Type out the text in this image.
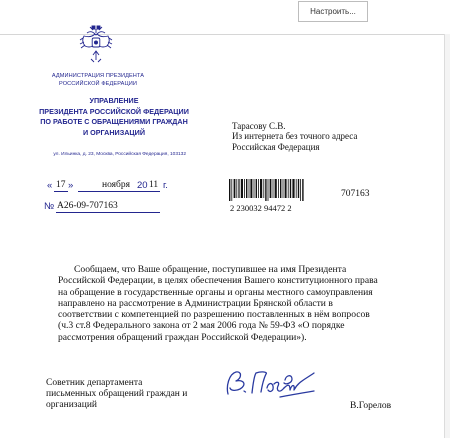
Настроить...
АДМИНИСТРАЦИЯ ПРЕЗИДЕНТА
РОССИЙСКОЙ ФЕДЕРАЦИИ
УПРАВЛЕНИЕ
ПРЕЗИДЕНТА РОССИЙСКОЙ ФЕДЕРАЦИИ
ПО РАБОТЕ С ОБРАЩЕНИЯМИ ГРАЖДАН
И ОРГАНИЗАЦИЙ
ул. Ильинка, д. 23, Москва, Российская Федерация, 103132
Тарасову С.В.
Из интернета без точного адреса
Российская Федерация
« 17 »	ноября 20 11 г.
№ А26-09-707163	2 230032 94472 2
707163
Сообщаем, что Ваше обращение, поступившее на имя Президента
Российской Федерации, в целях обеспечения Вашего конституционного права
на обращение в государственные органы и органы местного самоуправления
направлено на рассмотрение в Администрации Брянской области в
соответствии с компетенцией по разрешению поставленных в нём вопросов
(ч.3 ст.8 Федерального закона от 2 мая 2006 года № 59-ФЗ «О порядке
рассмотрения обращений граждан Российской Федерации»).
Советник департамента
письменных обращений граждан и
организаций	В.Горелов
